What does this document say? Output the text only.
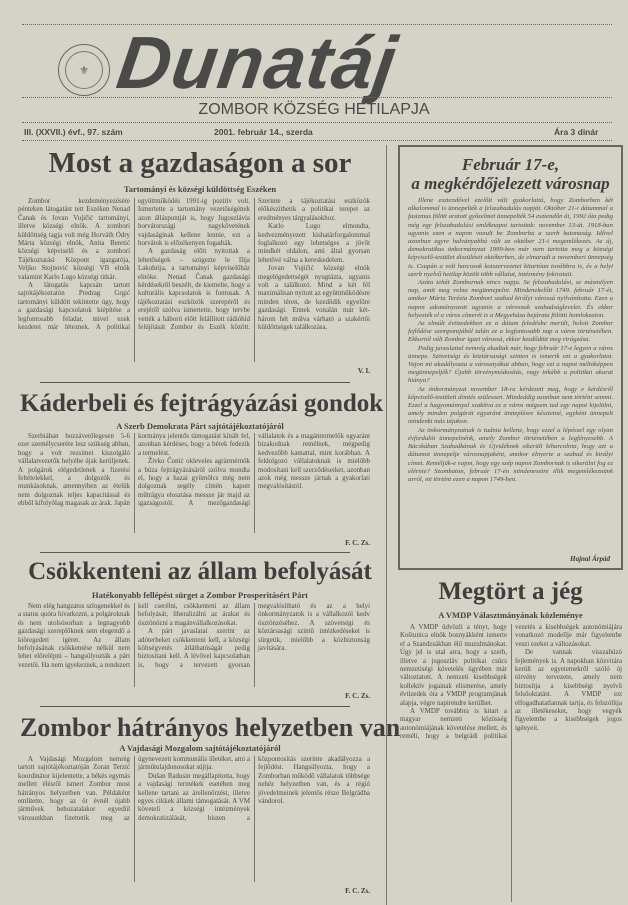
⚜ Dunatáj
ZOMBOR KÖZSÉG HETILAPJA
III. (XXVII.) évf., 97. szám	2001. február 14., szerda	Ára 3 dinár
Most a gazdaságon a sor
Tartományi és községi küldöttség Eszéken

Zombor kezdeményezésére pénteken látogatást tett Eszéken Nenad Čanak és Jovan Vujičić tartományi, illetve községi elnök. A zombori küldöttség tagja volt még Horváth Ódry Márta községi elnök, Anita Beretić községi képviselő és a zombori Tájékoztatási Központ igazgatója, Veljko Stojnović községi VB elnök valamint Karlo Lugo községi titkár.

A látogatás kapcsán tartott sajtótájékoztatón Predrag Grgić tartományi küldött tekintette úgy, hogy a gazdasági kapcsolatok kiépítése a legfontosabb feladat, mivel ezek kezdetei már léteznek. A politikai együttműködés 1991-ig pozitív volt. Ismertette a tartomány vezetőségének azon álláspontját is, hogy Jugoszlávia horvátországi nagykövetének vajdaságinak kellene lennie, ezt a horvátok is előzékenyen fogadták.

A gazdaság előtt nyitottak a lehetőségek – szögezte le Ilija Lakohrija, a tartományi képviselőház elnöke. Nenad Čanak gazdasági kérdésekről beszélt, de kiemelte, hogy a kulturális kapcsolatok is fontosak. A tájékoztatási eszközök szerepéről és erejéről szólva ismertette, hogy tervbe vették a háború előtt felállított rádióhíd felújítását Zombor és Eszék között. Szerinte a tájékoztatási eszközök előkészíthetik a politikai terepet az eredményes tárgyalásokhoz.

Karlo Lugo elmondta, kedvezményezett kishatárforgalommal foglalkozó egy lehetséges a jövőt mindkét oldalon, ami által gyorsan lehetővé válna a kereskedelem.

Jovan Vujičić községi elnök megelégedettségét nyugtázta, ugyanis volt a találkozó. Mind a két fél maximálisan nyitott az együttműködésre minden téren, de kezdődik egyelőre gazdasági. Ennek vonalán már két-három hét múlva várható a szakértői küldöttségek találkozása.

V. I.
Káderbeli és fejtrágyázási gondok
A Szerb Demokrata Párt sajtótájékoztatójáról

Szerbiában hozzávetőlegesen 5-6 ezer személycserére lesz szükség abban, hogy a volt rezsimet kiszolgáló vállalatvezetők helyébe újak kerüljenek. A polgárok elégedetlenek a fizetési feltételekkel, a dolgozók és munkásoknak, amennyiben az ételük nem dolgoznak teljes kapacitással és ebből kifolyólag magasak az árak. Japán kormánya jelentős támogatást kínált fel, azonban kérdéses, hogy a bérek fedezik a termelést.

Živko Čonić okleveles agrármérnök a búza fejtrágyázásáról szólva mondta el, hogy a hazai gyümölcs még nem dolgoznak segély címén kapott műtrágya elosztása messze jár majd az igazságostól. A mezőgazdasági vállalatok és a magántermelők egyaránt bizakodnak remélnek, mégpedig kedvezőbb kamattal, mint korábban. A feldolgozó vállalatoknak is mielőbb modosítani kell szerződéseiket, azonban azok még messze járnak a gyakorlati megvalósítástól.

F. C. Zs.
Csökkenteni az állam befolyását
Hatékonyabb fellépést sürget a Zombor Prosperitásért Párt

Nem elég hangzatos szlogenekkel és a status quóra hivatkozni, a polgároknak és nem utolsósorban a legnagyobb gazdasági szereplőknek sem elegendő a kiöregedett ígéret. Az állam befolyásának csökkentése nélkül nem lehet előrelépni – hangsúlyozták a párt vezetői. Ha nem igyekeznek, a rendszert kell cserélni, csökkenteni az állam befolyását, liberalizálni az árakat és ösztönözni a magánvállalkozásokat.

A párt javaslatai szerint az adóterheket csökkenteni kell, a községi költségvetés átláthatóságát pedig biztosítani kell. A lévővel kapcsolatban is, hogy a tervezett gyorsan megvalósítható és az a helyi önkormányzatok is a vállalkozói kedv ösztönzéséhez. A szövetségi és köztársasági szintű intézkedéseket is sürgetik, mielőbb a közbiztonság javítására.

F. C. Zs.
Zombor hátrányos helyzetben van
A Vajdasági Mozgalom sajtótájékoztatójáról

A Vajdasági Mozgalom nemrég tartott sajtótájékoztatóján Zoran Terzić koordinátor kijelentette, a békés egymás mellett élésről ismert Zombor most hátrányos helyzetben van. Példaként említette, hogy az öt évnél újabb járművek behozatalakor egyedül városunkban fizettetik meg az úgynevezett kommunális illetéket, ami a járműtulajdonosokat sújtja.

Dušan Radusin megállapította, hogy a vajdasági termékek esetében meg kellene tartani az árellenőrzést, illetve egyes cikkek állami támogatását. A VM követeli a községi intézmények demokratizálását, hiszen a központosítás szerinte akadályozza a fejlődést. Hangsúlyozta, hogy a Zomborban működő vállalatok többsége nehéz helyzetben van, és a régió jövedelmeinek jelentős része Belgrádba vándorol.

F. C. Zs.
Február 17-e,
a megkérdőjelezett városnap

Illene esztendővel ezelőtt vált gyakorlattá, hogy Zomborban két alkalommal is ünnepelték a felszabadulás napját. Október 21-i dátummal a fasizmus fölött aratott győzelmet ünnepelték 54 esztendőn át, 1992 óta pedig még egy felszabadulási emléknapot tartottak: november 13-át. 1918-ban ugyanis ezen a napon vonult be Zomborba a szerb katonaság. Idővel azonban egyre halványabbá vált az október 21-i megemlékezés. Az új, demokratikus önkormányzat 1999-ben már nem tartotta meg a községi képviselő-testület díszülését októberben, de elmaradt a novemberi ünnepség is. Csupán a volt harcosok kotszervezetei kitartóan továbbra is, és a helyi szerb nyelvű hetilap közölt több vállalat, intézmény fokiratait.

Azóta tehát Zombornak nincs napja. Se felszabadulási, se másmilyen nap, amit meg volna megünnepelni. Mindenekelőtt 1749. február 17-ét, amikor Mária Terézia Zombort szabad királyi várossá nyilvánította. Ezen a napon adományozott ugyanis a városnak szabadságlevelet. És ekkor helyezték el a város címerét is a Megyeháza bejárata fölötti homlokzaton.

Az elmúlt évtizedekben ez a dátum feledésbe merült, holott Zombor fejlődése szempontjából talán ez a legfontosabb nap a város történetében. Ekkortól vált Zombor igazi várossá, ekkor kezdődött meg virágzása.

Pedig javaslattal nemrég akadtak már, hogy február 17-e legyen a város ünnepe. Szövetségi és köztársasági szinten is ismerik ezt a gyakorlatot. Vajon mi akadályozza a városatyákat abban, hogy ezt a napot méltóképpen megünnepeljék? Újabb törvénymódosítás, vagy inkább a politikai akarat hiánya?

Az önkormányzat november 18-ra kérdezett meg, hogy e kérdésről képviselő-testületi döntés szülessen. Mindeddig azonban nem történt semmi. Ezzel a hagyománnyal szakítva ez a város mégsem tud egy napot kijelölni, amely minden polgárát egyaránt ünneplésre késztetné, egyként ünnepelt mindenki más tájakon.

Az önkormányzatnak is tudnia kellene, hogy ezzel a lépéssel egy olyan évfordulót ünnepelnénk, amely Zombor történetében a legfényesebb. A Bácskában Szabadkának és Újvidéknek sikerült kiharcolnia, hogy azt a dátumot ünnepelje városnapjaként, amikor elnyerte a szabad és királyi címet. Reméljük-e vajon, hogy egy szép napon Zombornak is sikerülni fog ez elérnie? Szombaton, február 17-én mindenesetre illik megemlékeznünk arról, mi történt ezen a napon 1749-ben.

Hajnal Árpád
Megtört a jég
A VMDP Választmányának közleménye

A VMDP üdvözli a tényt, hogy Koštunica elnök bosnyákként ismerte el a Szandzsákban élő muzulmánokat. Úgy jel is utal arra, hogy a szerb, illetve a jugoszláv politikai csúcs nemzetiségi követelés ügyében már változtatott. A nemzeti kisebbségek kollektív jogainak elismerése, amely évtizedek óta a VMDP programjának alapja, végre napirendre kerülhet.

A VMDP továbbra is kitart a magyar nemzeti közösség autonómiájának követelése mellett, és reméli, hogy a belgrádi politikai vezetés a kisebbségek autonómiájára vonatkozó modellje már figyelembe veszi ezeket a változásokat.

De vannak visszahúzó fejlemények is. A napokban közvitára került az egyetemekről szóló új törvény tervezete, amely nem biztosítja a kisebbségi nyelvű felsőoktatást. A VMDP ezt elfogadhatatlannak tartja, és felszólítja az illetékeseket, hogy vegyék figyelembe a kisebbségek jogos igényeit.
